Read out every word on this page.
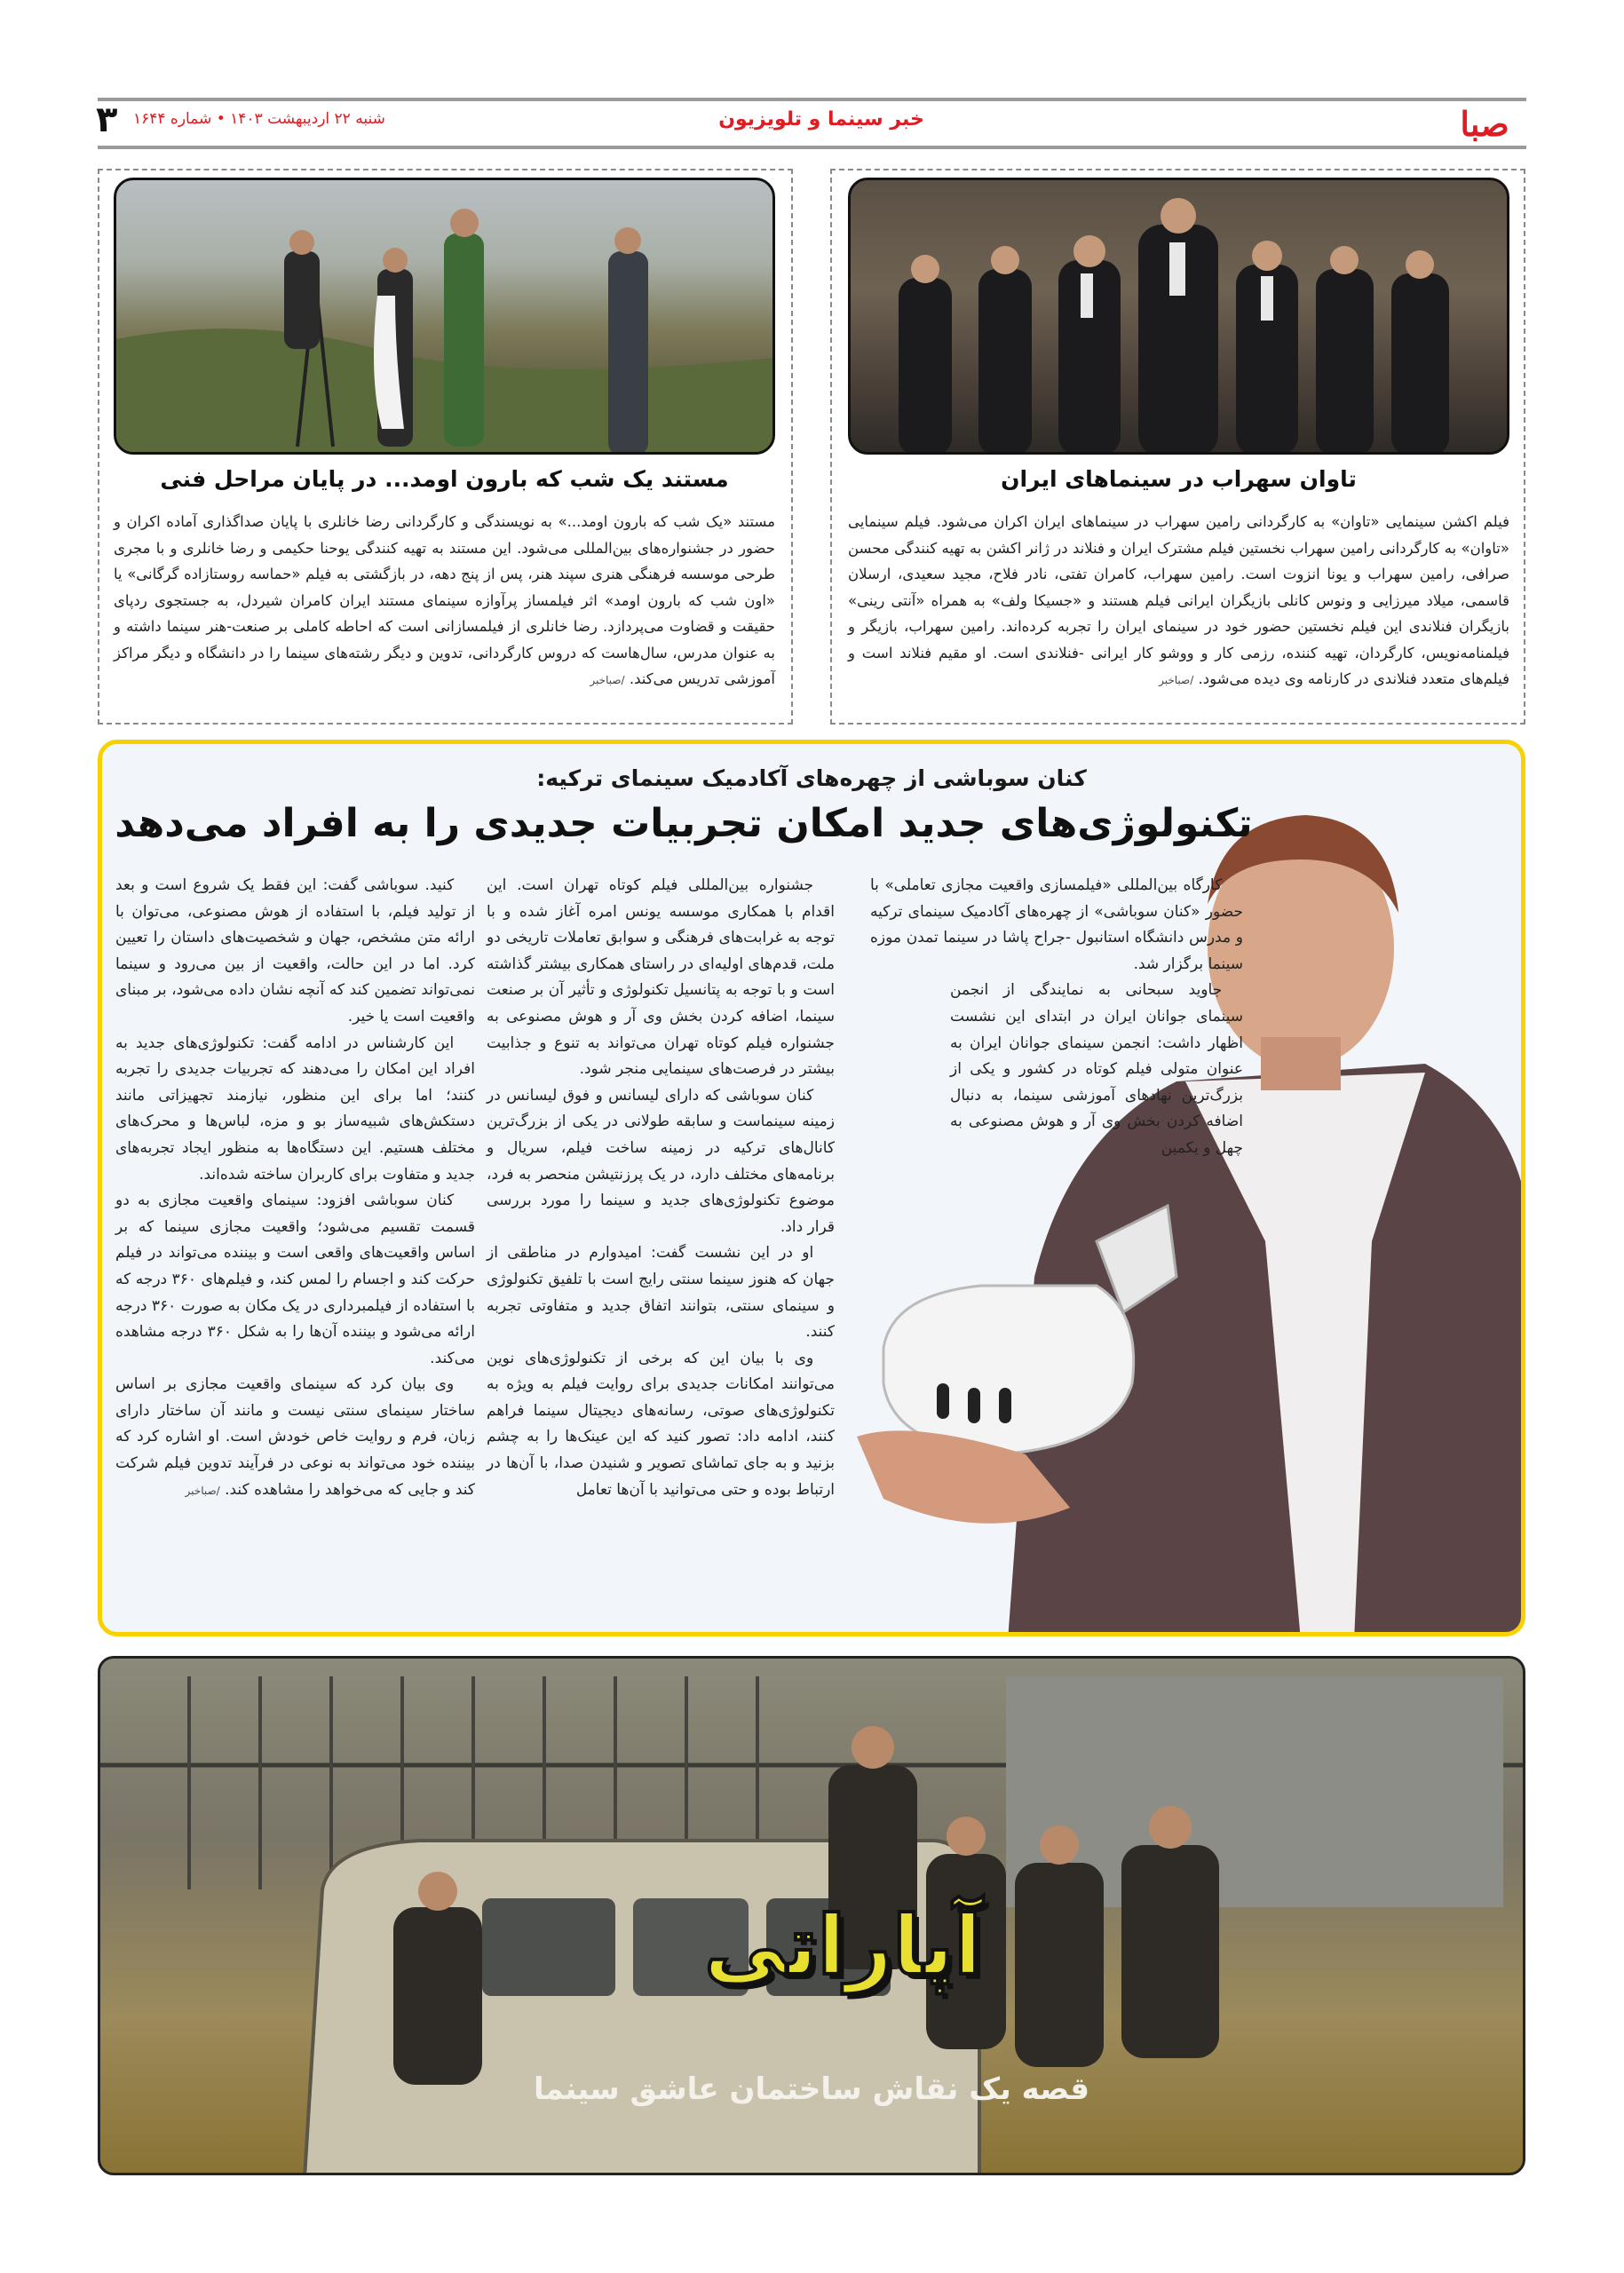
صبا
خبر سینما و تلویزیون
شنبه ۲۲ اردیبهشت ۱۴۰۳ • شماره ۱۶۴۴
۳
تاوان سهراب در سینماهای ایران
فیلم اکشن سینمایی «تاوان» به کارگردانی رامین سهراب در سینماهای ایران اکران می‌شود. فیلم سینمایی «تاوان» به کارگردانی رامین سهراب نخستین فیلم مشترک ایران و فنلاند در ژانر اکشن به تهیه کنندگی محسن صرافی، رامین سهراب و یونا انزوت است. رامین سهراب، کامران تفتی، نادر فلاح، مجید سعیدی، ارسلان قاسمی، میلاد میرزایی و ونوس کانلی بازیگران ایرانی فیلم هستند و «جسیکا ولف» به همراه «آنتی رینی» بازیگران فنلاندی این فیلم نخستین حضور خود در سینمای ایران را تجربه کرده‌اند. رامین سهراب، بازیگر و فیلمنامه‌نویس، کارگردان، تهیه کننده، رزمی کار و ووشو کار ایرانی -فنلاندی است. او مقیم فنلاند است و فیلم‌های متعدد فنلاندی در کارنامه وی دیده می‌شود. /صباخبر
مستند یک شب که بارون اومد... در پایان مراحل فنی
مستند «یک شب که بارون اومد...» به نویسندگی و کارگردانی رضا خانلری با پایان صداگذاری آماده اکران و حضور در جشنواره‌های بین‌المللی می‌شود. این مستند به تهیه کنندگی یوحنا حکیمی و رضا خانلری و با مجری طرحی موسسه فرهنگی هنری سپند هنر، پس از پنج دهه، در بازگشتی به فیلم «حماسه روستازاده گرگانی» یا «اون شب که بارون اومد» اثر فیلمساز پرآوازه سینمای مستند ایران کامران شیردل، به جستجوی ردپای حقیقت و قضاوت می‌پردازد. رضا خانلری از فیلمسازانی است که احاطه کاملی بر صنعت-هنر سینما داشته و به عنوان مدرس، سال‌هاست که دروس کارگردانی، تدوین و دیگر رشته‌های سینما را در دانشگاه و دیگر مراکز آموزشی تدریس می‌کند. /صباخبر
کنان سوباشی از چهره‌های آکادمیک سینمای ترکیه:
تکنولوژی‌های جدید امکان تجربیات جدیدی را به افراد می‌دهد

کارگاه بین‌المللی «فیلمسازی واقعیت مجازی تعاملی» با حضور «کنان سوباشی» از چهره‌های آکادمیک سینمای ترکیه و مدرس دانشگاه استانبول -جراح پاشا در سینما تمدن موزه سینما برگزار شد.

جاوید سبحانی به نمایندگی از انجمن سینمای جوانان ایران در ابتدای این نشست اظهار داشت: انجمن سینمای جوانان ایران به عنوان متولی فیلم کوتاه در کشور و یکی از بزرگ‌ترین نهادهای آموزشی سینما، به دنبال اضافه کردن بخش وی آر و هوش مصنوعی به چهل و یکمین

جشنواره بین‌المللی فیلم کوتاه تهران است. این اقدام با همکاری موسسه یونس امره آغاز شده و با توجه به غرابت‌های فرهنگی و سوابق تعاملات تاریخی دو ملت، قدم‌های اولیه‌ای در راستای همکاری بیشتر گذاشته است و با توجه به پتانسیل تکنولوژی و تأثیر آن بر صنعت سینما، اضافه کردن بخش وی آر و هوش مصنوعی به جشنواره فیلم کوتاه تهران می‌تواند به تنوع و جذابیت بیشتر در فرصت‌های سینمایی منجر شود.

کنان سوباشی که دارای لیسانس و فوق لیسانس در زمینه سینماست و سابقه طولانی در یکی از بزرگ‌ترین کانال‌های ترکیه در زمینه ساخت فیلم، سریال و برنامه‌های مختلف دارد، در یک پرزنتیشن منحصر به فرد، موضوع تکنولوژی‌های جدید و سینما را مورد بررسی قرار داد.

او در این نشست گفت: امیدوارم در مناطقی از جهان که هنوز سینما سنتی رایج است با تلفیق تکنولوژی و سینمای سنتی، بتوانند اتفاق جدید و متفاوتی تجربه کنند.

وی با بیان این که برخی از تکنولوژی‌های نوین می‌توانند امکانات جدیدی برای روایت فیلم به ویژه به تکنولوژی‌های صوتی، رسانه‌های دیجیتال سینما فراهم کنند، ادامه داد: تصور کنید که این عینک‌ها را به چشم بزنید و به جای تماشای تصویر و شنیدن صدا، با آن‌ها در ارتباط بوده و حتی می‌توانید با آن‌ها تعامل

کنید. سوباشی گفت: این فقط یک شروع است و بعد از تولید فیلم، با استفاده از هوش مصنوعی، می‌توان با ارائه متن مشخص، جهان و شخصیت‌های داستان را تعیین کرد. اما در این حالت، واقعیت از بین می‌رود و سینما نمی‌تواند تضمین کند که آنچه نشان داده می‌شود، بر مبنای واقعیت است یا خیر.

این کارشناس در ادامه گفت: تکنولوژی‌های جدید به افراد این امکان را می‌دهند که تجربیات جدیدی را تجربه کنند؛ اما برای این منظور، نیازمند تجهیزاتی مانند دستکش‌های شبیه‌ساز بو و مزه، لباس‌ها و محرک‌های مختلف هستیم. این دستگاه‌ها به منظور ایجاد تجربه‌های جدید و متفاوت برای کاربران ساخته شده‌اند.

کنان سوباشی افزود: سینمای واقعیت مجازی به دو قسمت تقسیم می‌شود؛ واقعیت مجازی سینما که بر اساس واقعیت‌های واقعی است و بیننده می‌تواند در فیلم حرکت کند و اجسام را لمس کند، و فیلم‌های ۳۶۰ درجه که با استفاده از فیلمبرداری در یک مکان به صورت ۳۶۰ درجه ارائه می‌شود و بیننده آن‌ها را به شکل ۳۶۰ درجه مشاهده می‌کند.

وی بیان کرد که سینمای واقعیت مجازی بر اساس ساختار سینمای سنتی نیست و مانند آن ساختار دارای زبان، فرم و روایت خاص خودش است. او اشاره کرد که بیننده خود می‌تواند به نوعی در فرآیند تدوین فیلم شرکت کند و جایی که می‌خواهد را مشاهده کند. /صباخبر

آپاراتی
قصه یک نقاش ساختمان عاشق سینما
